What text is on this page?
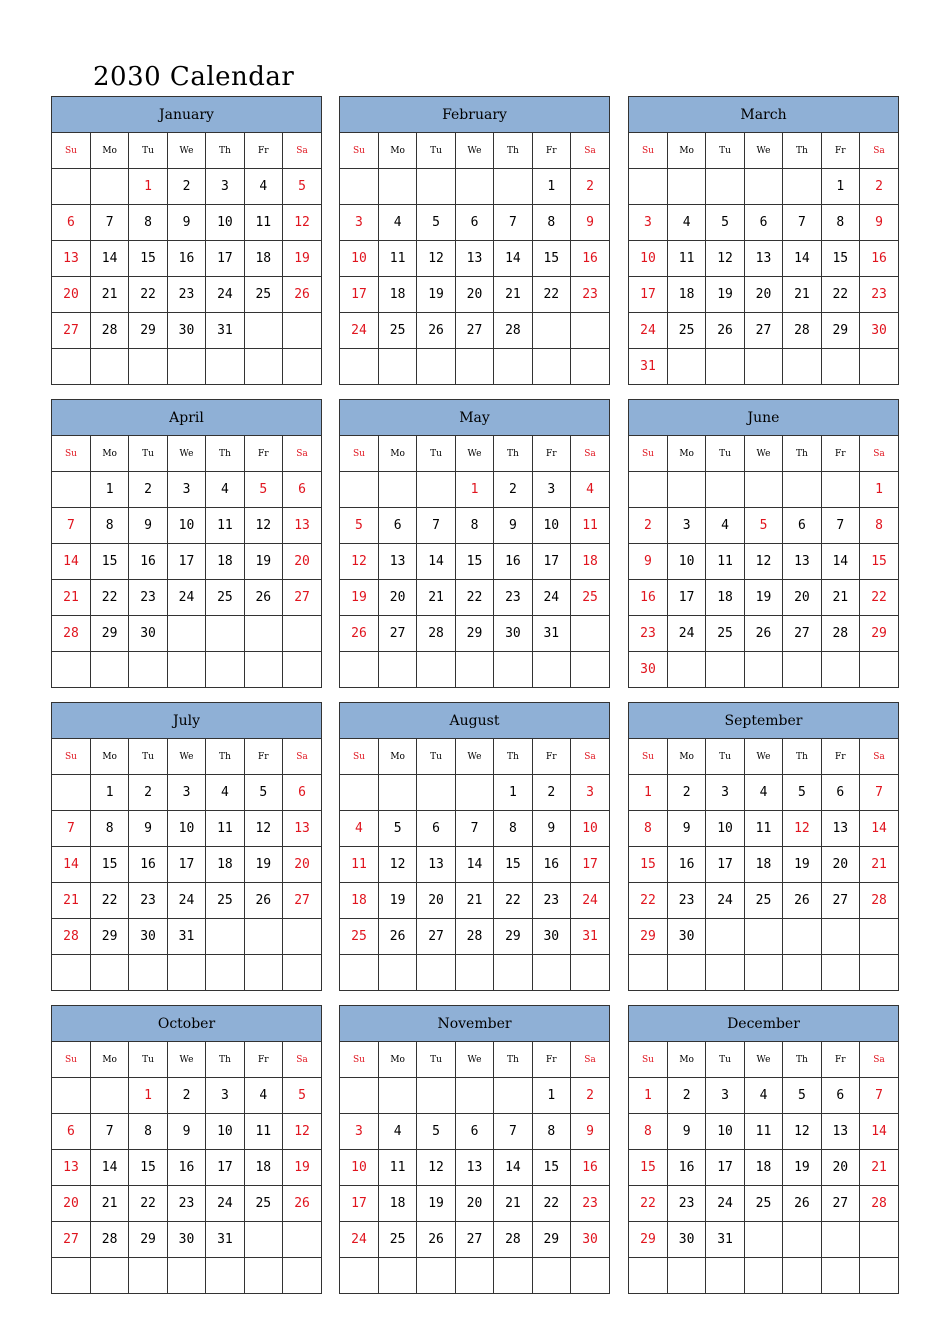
2030 Calendar
January
Su	Mo	Tu	We	Th	Fr	Sa
		1	2	3	4	5
6	7	8	9	10	11	12
13	14	15	16	17	18	19
20	21	22	23	24	25	26
27	28	29	30	31		

February
Su	Mo	Tu	We	Th	Fr	Sa
					1	2
3	4	5	6	7	8	9
10	11	12	13	14	15	16
17	18	19	20	21	22	23
24	25	26	27	28		

March
Su	Mo	Tu	We	Th	Fr	Sa
					1	2
3	4	5	6	7	8	9
10	11	12	13	14	15	16
17	18	19	20	21	22	23
24	25	26	27	28	29	30
31						
April
Su	Mo	Tu	We	Th	Fr	Sa
	1	2	3	4	5	6
7	8	9	10	11	12	13
14	15	16	17	18	19	20
21	22	23	24	25	26	27
28	29	30				

May
Su	Mo	Tu	We	Th	Fr	Sa
			1	2	3	4
5	6	7	8	9	10	11
12	13	14	15	16	17	18
19	20	21	22	23	24	25
26	27	28	29	30	31	

June
Su	Mo	Tu	We	Th	Fr	Sa
						1
2	3	4	5	6	7	8
9	10	11	12	13	14	15
16	17	18	19	20	21	22
23	24	25	26	27	28	29
30						
July
Su	Mo	Tu	We	Th	Fr	Sa
	1	2	3	4	5	6
7	8	9	10	11	12	13
14	15	16	17	18	19	20
21	22	23	24	25	26	27
28	29	30	31			

August
Su	Mo	Tu	We	Th	Fr	Sa
				1	2	3
4	5	6	7	8	9	10
11	12	13	14	15	16	17
18	19	20	21	22	23	24
25	26	27	28	29	30	31

September
Su	Mo	Tu	We	Th	Fr	Sa
1	2	3	4	5	6	7
8	9	10	11	12	13	14
15	16	17	18	19	20	21
22	23	24	25	26	27	28
29	30					

October
Su	Mo	Tu	We	Th	Fr	Sa
		1	2	3	4	5
6	7	8	9	10	11	12
13	14	15	16	17	18	19
20	21	22	23	24	25	26
27	28	29	30	31		

November
Su	Mo	Tu	We	Th	Fr	Sa
					1	2
3	4	5	6	7	8	9
10	11	12	13	14	15	16
17	18	19	20	21	22	23
24	25	26	27	28	29	30

December
Su	Mo	Tu	We	Th	Fr	Sa
1	2	3	4	5	6	7
8	9	10	11	12	13	14
15	16	17	18	19	20	21
22	23	24	25	26	27	28
29	30	31				
